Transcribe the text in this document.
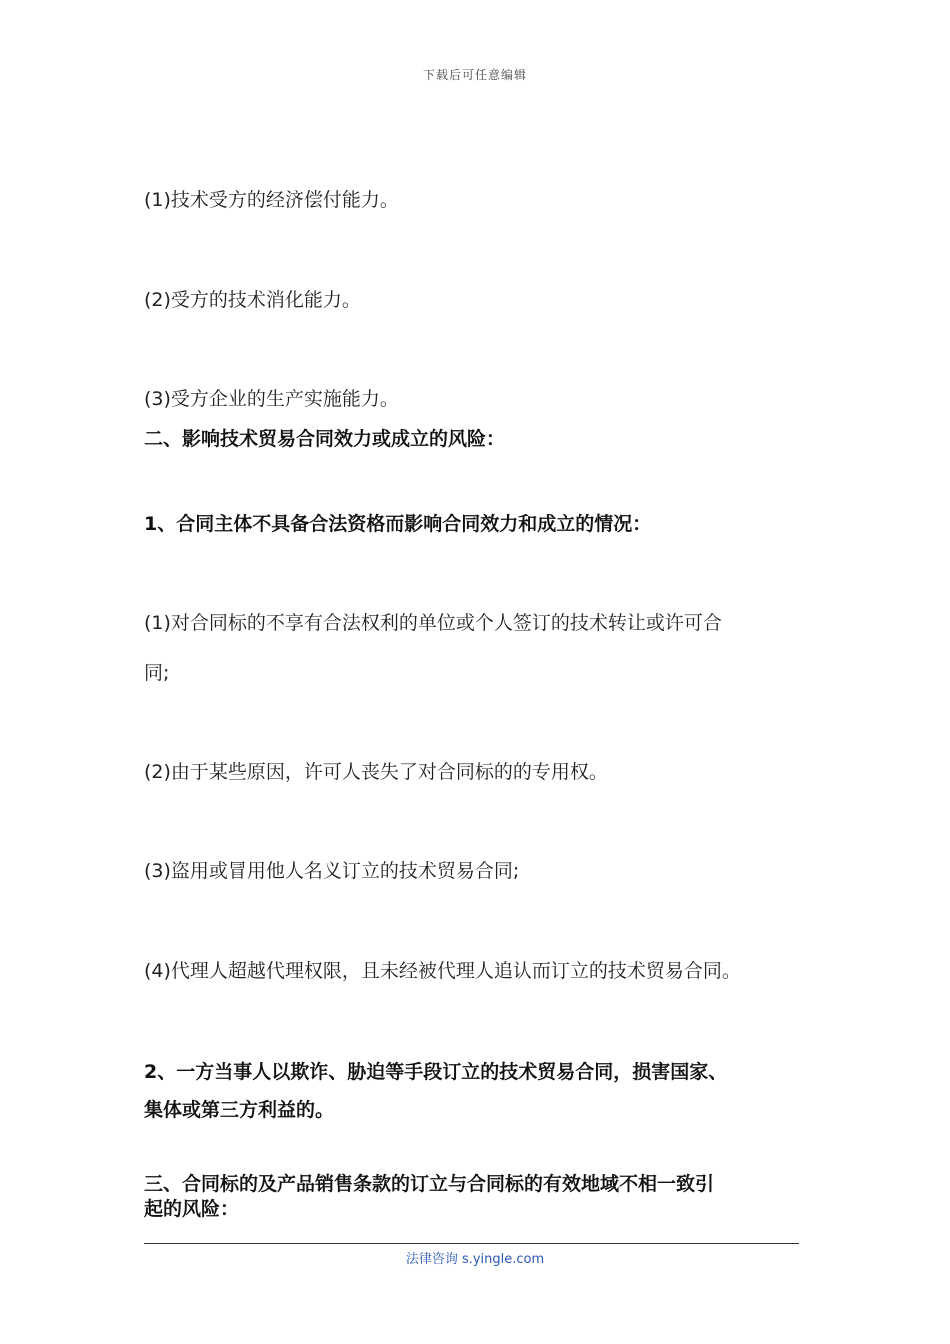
下载后可任意编辑
(1)技术受方的经济偿付能力。
(2)受方的技术消化能力。
(3)受方企业的生产实施能力。
二、影响技术贸易合同效力或成立的风险：
1、合同主体不具备合法资格而影响合同效力和成立的情况：
(1)对合同标的不享有合法权利的单位或个人签订的技术转让或许可合
同;
(2)由于某些原因，许可人丧失了对合同标的的专用权。
(3)盗用或冒用他人名义订立的技术贸易合同;
(4)代理人超越代理权限，且未经被代理人追认而订立的技术贸易合同。
2、一方当事人以欺诈、胁迫等手段订立的技术贸易合同，损害国家、
集体或第三方利益的。
三、合同标的及产品销售条款的订立与合同标的有效地域不相一致引
起的风险：
法律咨询 s.yingle.com
